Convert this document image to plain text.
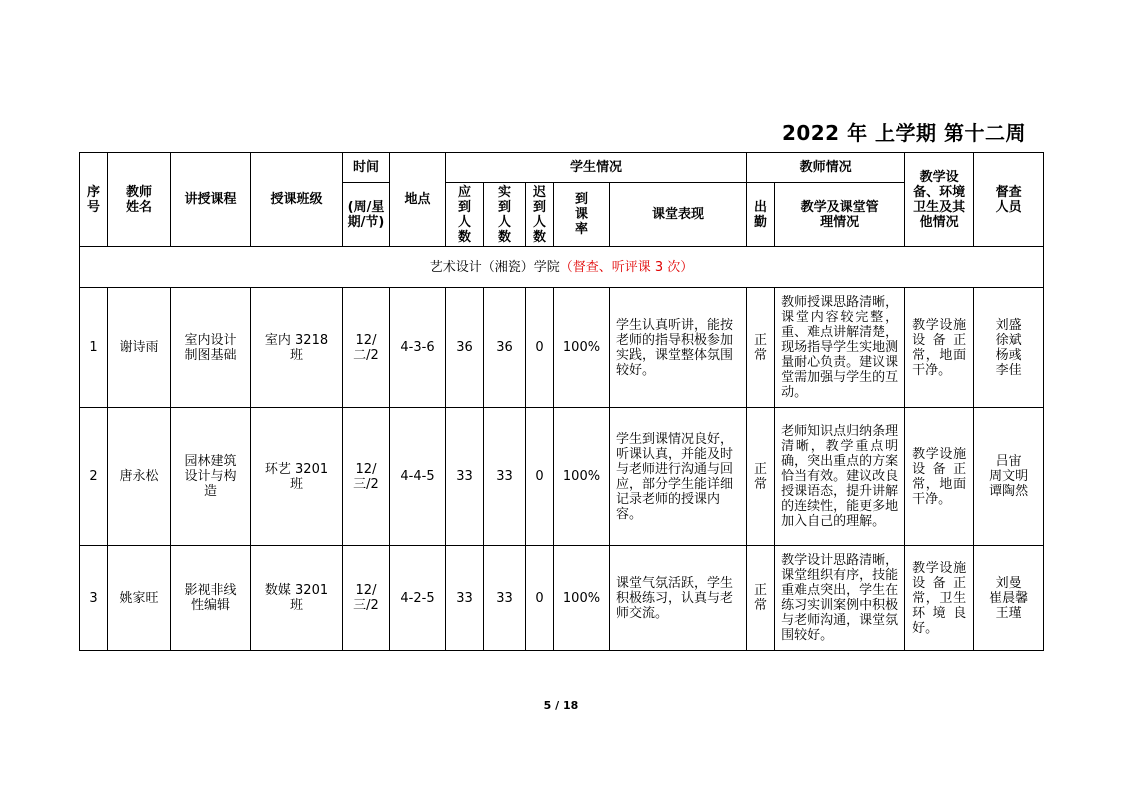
2022 年 上学期 第十二周
序号	教师姓名	讲授课程	授课班级	时间	地点	学生情况					教师情况		教学设备、环境卫生及其他情况	督查人员
				(周/星期/节)		应到人数	实到人数	迟到人数	到课率	课堂表现	出勤	教学及课堂管理情况		
艺术设计（湘瓷）学院（督查、听评课 3 次）														
1	谢诗雨	室内设计制图基础	室内 3218 班	12/二/2	4-3-6	36	36	0	100%	学生认真听讲，能按老师的指导积极参加实践，课堂整体氛围较好。	正常	教师授课思路清晰，课堂内容较完整，重、难点讲解清楚，现场指导学生实地测量耐心负责。建议课堂需加强与学生的互动。	教学设施设备正常，地面干净。	刘盛
徐斌
杨彧
李佳

2	唐永松	园林建筑设计与构造	环艺 3201 班	12/三/2	4-4-5	33	33	0	100%	学生到课情况良好，听课认真，并能及时与老师进行沟通与回应，部分学生能详细记录老师的授课内容。	正常	老师知识点归纳条理清晰，教学重点明确，突出重点的方案恰当有效。建议改良授课语态，提升讲解的连续性，能更多地加入自己的理解。	教学设施设备正常，地面干净。	吕宙
周文明
谭陶然

3	姚家旺	影视非线性编辑	数媒 3201 班	12/三/2	4-2-5	33	33	0	100%	课堂气氛活跃，学生积极练习，认真与老师交流。	正常	教学设计思路清晰，课堂组织有序，技能重难点突出，学生在练习实训案例中积极与老师沟通，课堂氛围较好。	教学设施设备正常，卫生环境良好。	刘曼
崔晨馨
王瑾
5 / 18
